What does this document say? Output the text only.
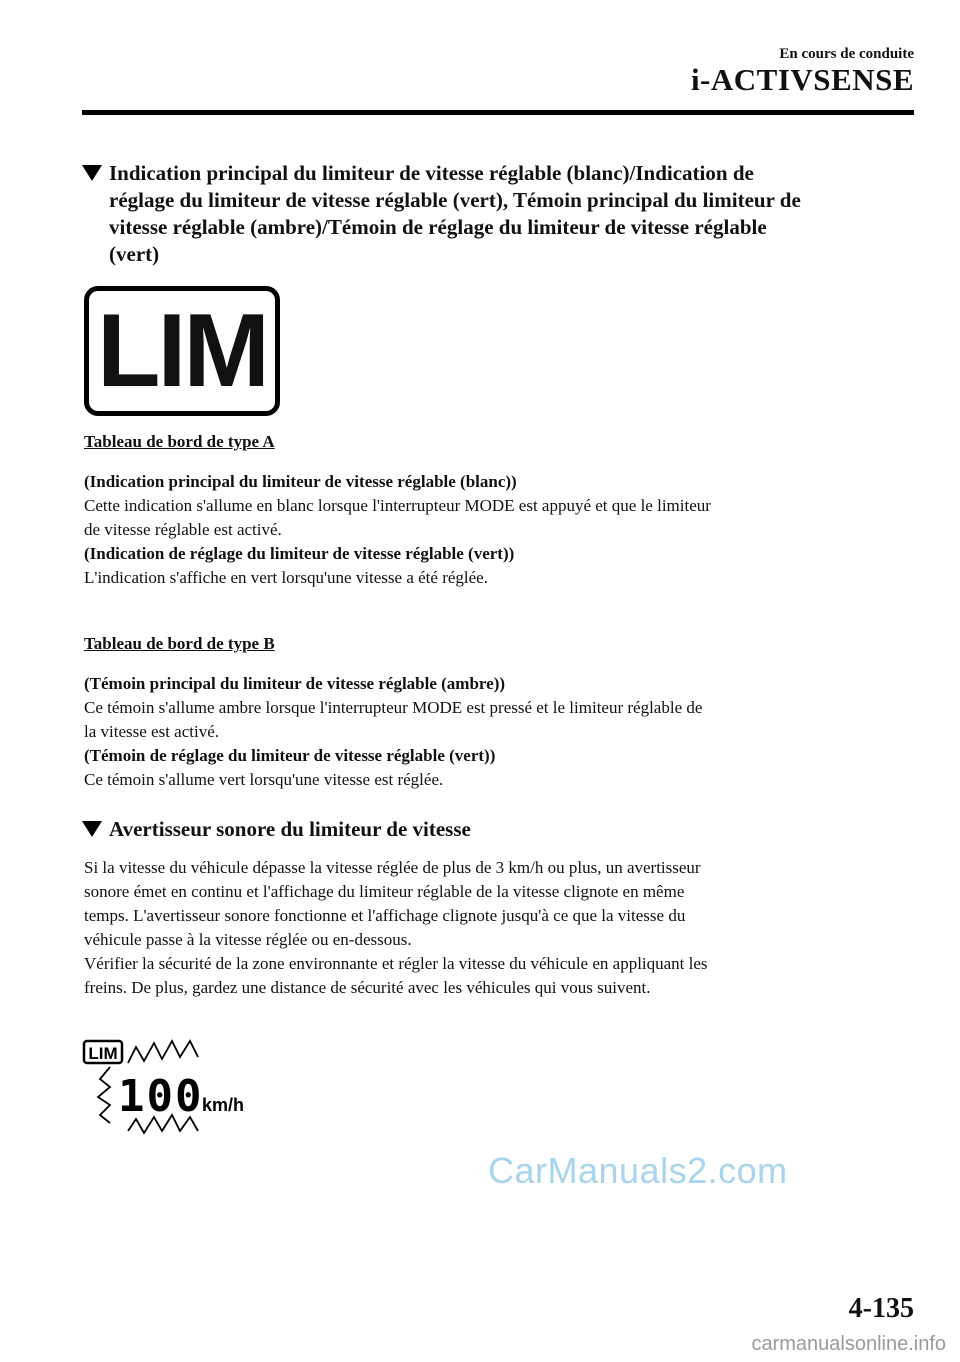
En cours de conduite
i-ACTIVSENSE
Indication principal du limiteur de vitesse réglable (blanc)/Indication de
réglage du limiteur de vitesse réglable (vert), Témoin principal du limiteur de
vitesse réglable (ambre)/Témoin de réglage du limiteur de vitesse réglable
(vert)
LIM
Tableau de bord de type A
(Indication principal du limiteur de vitesse réglable (blanc))
Cette indication s'allume en blanc lorsque l'interrupteur MODE est appuyé et que le limiteur
de vitesse réglable est activé.
(Indication de réglage du limiteur de vitesse réglable (vert))
L'indication s'affiche en vert lorsqu'une vitesse a été réglée.
Tableau de bord de type B
(Témoin principal du limiteur de vitesse réglable (ambre))
Ce témoin s'allume ambre lorsque l'interrupteur MODE est pressé et le limiteur réglable de
la vitesse est activé.
(Témoin de réglage du limiteur de vitesse réglable (vert))
Ce témoin s'allume vert lorsqu'une vitesse est réglée.
Avertisseur sonore du limiteur de vitesse
Si la vitesse du véhicule dépasse la vitesse réglée de plus de 3 km/h ou plus, un avertisseur
sonore émet en continu et l'affichage du limiteur réglable de la vitesse clignote en même
temps. L'avertisseur sonore fonctionne et l'affichage clignote jusqu'à ce que la vitesse du
véhicule passe à la vitesse réglée ou en-dessous.
Vérifier la sécurité de la zone environnante et régler la vitesse du véhicule en appliquant les
freins. De plus, gardez une distance de sécurité avec les véhicules qui vous suivent.
LIM
100
km/h
CarManuals2.com
4-135
carmanualsonline.info
